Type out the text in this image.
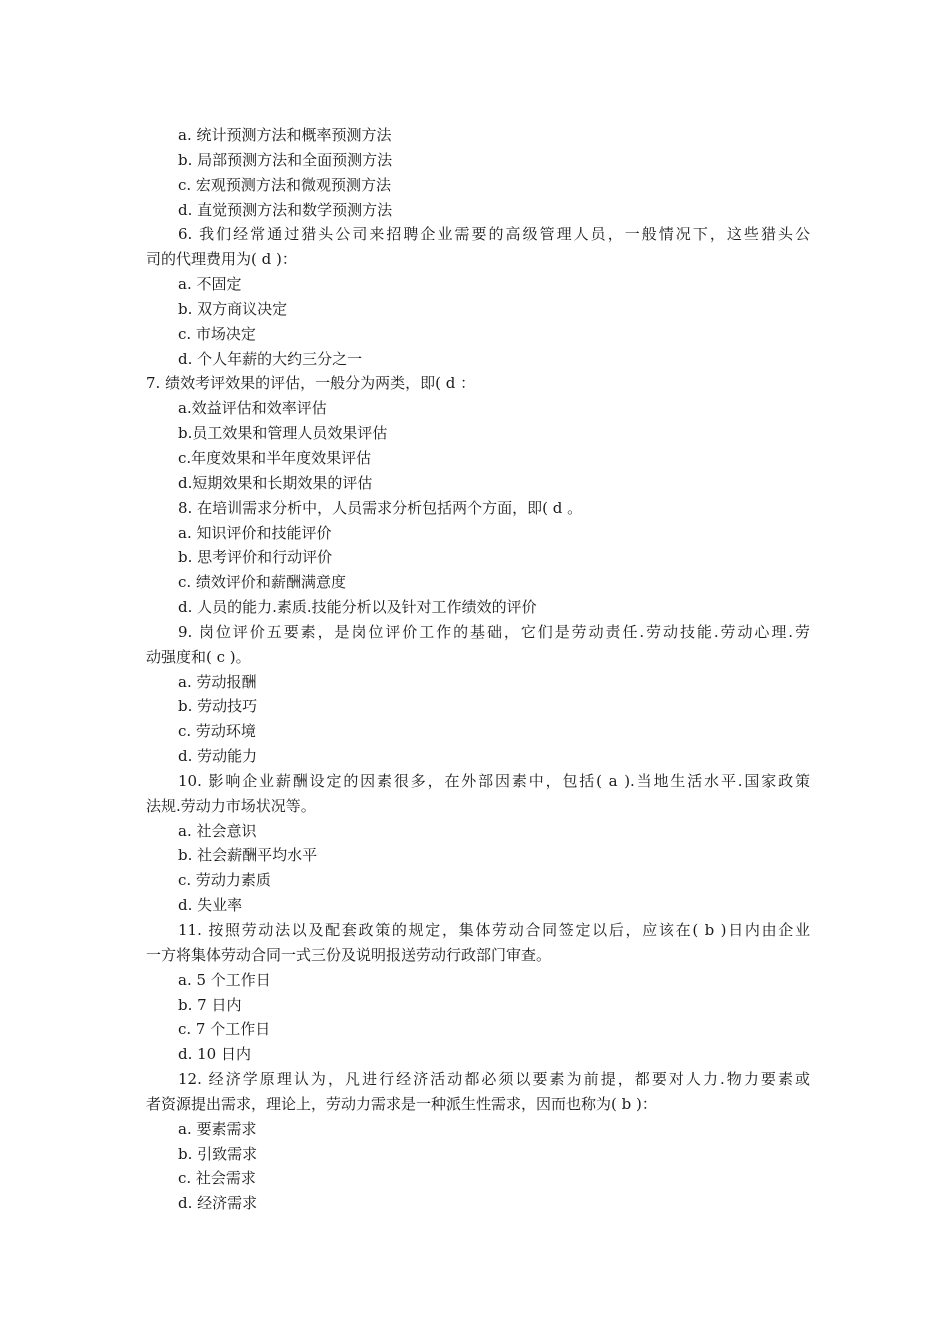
a. 统计预测方法和概率预测方法
b. 局部预测方法和全面预测方法
c. 宏观预测方法和微观预测方法
d. 直觉预测方法和数学预测方法
6. 我们经常通过猎头公司来招聘企业需要的高级管理人员，一般情况下，这些猎头公
司的代理费用为( d )：
a. 不固定
b. 双方商议决定
c. 市场决定
d. 个人年薪的大约三分之一
7. 绩效考评效果的评估，一般分为两类，即( d ：
a.效益评估和效率评估
b.员工效果和管理人员效果评估
c.年度效果和半年度效果评估
d.短期效果和长期效果的评估
8. 在培训需求分析中，人员需求分析包括两个方面，即( d 。
a. 知识评价和技能评价
b. 思考评价和行动评价
c. 绩效评价和薪酬满意度
d. 人员的能力.素质.技能分析以及针对工作绩效的评价
9. 岗位评价五要素，是岗位评价工作的基础，它们是劳动责任.劳动技能.劳动心理.劳
动强度和( c )。
a. 劳动报酬
b. 劳动技巧
c. 劳动环境
d. 劳动能力
10. 影响企业薪酬设定的因素很多，在外部因素中，包括( a ).当地生活水平.国家政策
法规.劳动力市场状况等。
a. 社会意识
b. 社会薪酬平均水平
c. 劳动力素质
d. 失业率
11. 按照劳动法以及配套政策的规定，集体劳动合同签定以后，应该在( b )日内由企业
一方将集体劳动合同一式三份及说明报送劳动行政部门审查。
a. 5 个工作日
b. 7 日内
c. 7 个工作日
d. 10 日内
12. 经济学原理认为，凡进行经济活动都必须以要素为前提，都要对人力.物力要素或
者资源提出需求，理论上，劳动力需求是一种派生性需求，因而也称为( b )：
a. 要素需求
b. 引致需求
c. 社会需求
d. 经济需求
